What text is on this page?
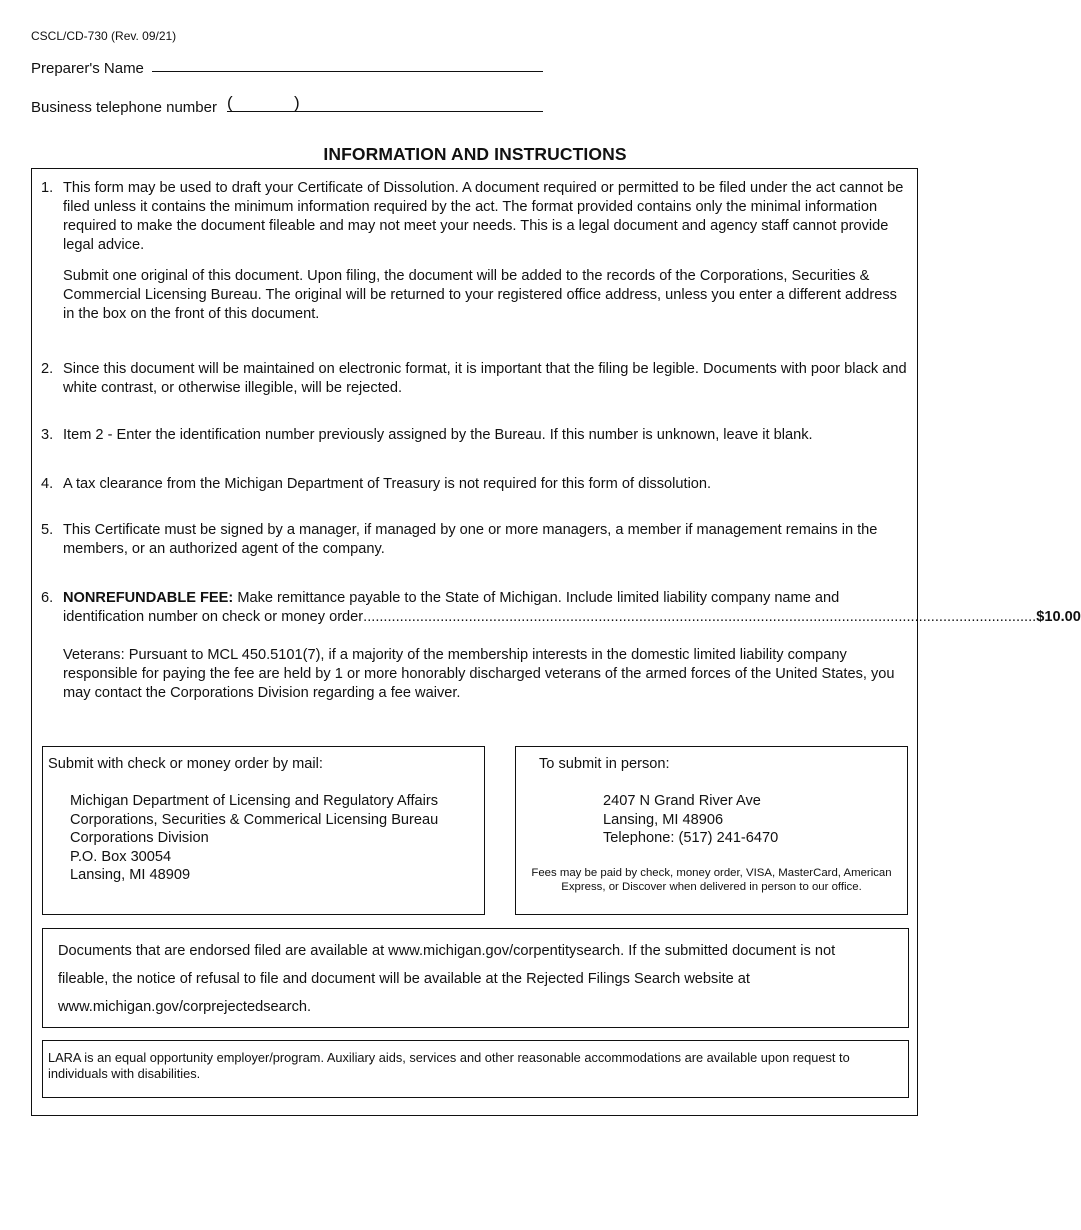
CSCL/CD-730 (Rev. 09/21)
Preparer's Name
Business telephone number (	)
INFORMATION AND INSTRUCTIONS
1. This form may be used to draft your Certificate of Dissolution. A document required or permitted to be filed under the act cannot be filed unless it contains the minimum information required by the act. The format provided contains only the minimal information required to make the document fileable and may not meet your needs. This is a legal document and agency staff cannot provide legal advice.

Submit one original of this document. Upon filing, the document will be added to the records of the Corporations, Securities & Commercial Licensing Bureau. The original will be returned to your registered office address, unless you enter a different address in the box on the front of this document.

2. Since this document will be maintained on electronic format, it is important that the filing be legible. Documents with poor black and white contrast, or otherwise illegible, will be rejected.

3. Item 2 - Enter the identification number previously assigned by the Bureau. If this number is unknown, leave it blank.

4. A tax clearance from the Michigan Department of Treasury is not required for this form of dissolution.

5. This Certificate must be signed by a manager, if managed by one or more managers, a member if management remains in the members, or an authorized agent of the company.

6. NONREFUNDABLE FEE: Make remittance payable to the State of Michigan. Include limited liability company name and

identification number on check or money order ...................................................................................................................................................................... $10.00

Veterans: Pursuant to MCL 450.5101(7), if a majority of the membership interests in the domestic limited liability company responsible for paying the fee are held by 1 or more honorably discharged veterans of the armed forces of the United States, you may contact the Corporations Division regarding a fee waiver.

Submit with check or money order by mail:
Michigan Department of Licensing and Regulatory Affairs
Corporations, Securities & Commerical Licensing Bureau
Corporations Division
P.O. Box 30054
Lansing, MI 48909
To submit in person:
2407 N Grand River Ave
Lansing, MI 48906
Telephone: (517) 241-6470
Fees may be paid by check, money order, VISA, MasterCard, American Express, or Discover when delivered in person to our office.
Documents that are endorsed filed are available at www.michigan.gov/corpentitysearch. If the submitted document is not fileable, the notice of refusal to file and document will be available at the Rejected Filings Search website at www.michigan.gov/corprejectedsearch.
LARA is an equal opportunity employer/program. Auxiliary aids, services and other reasonable accommodations are available upon request to individuals with disabilities.
